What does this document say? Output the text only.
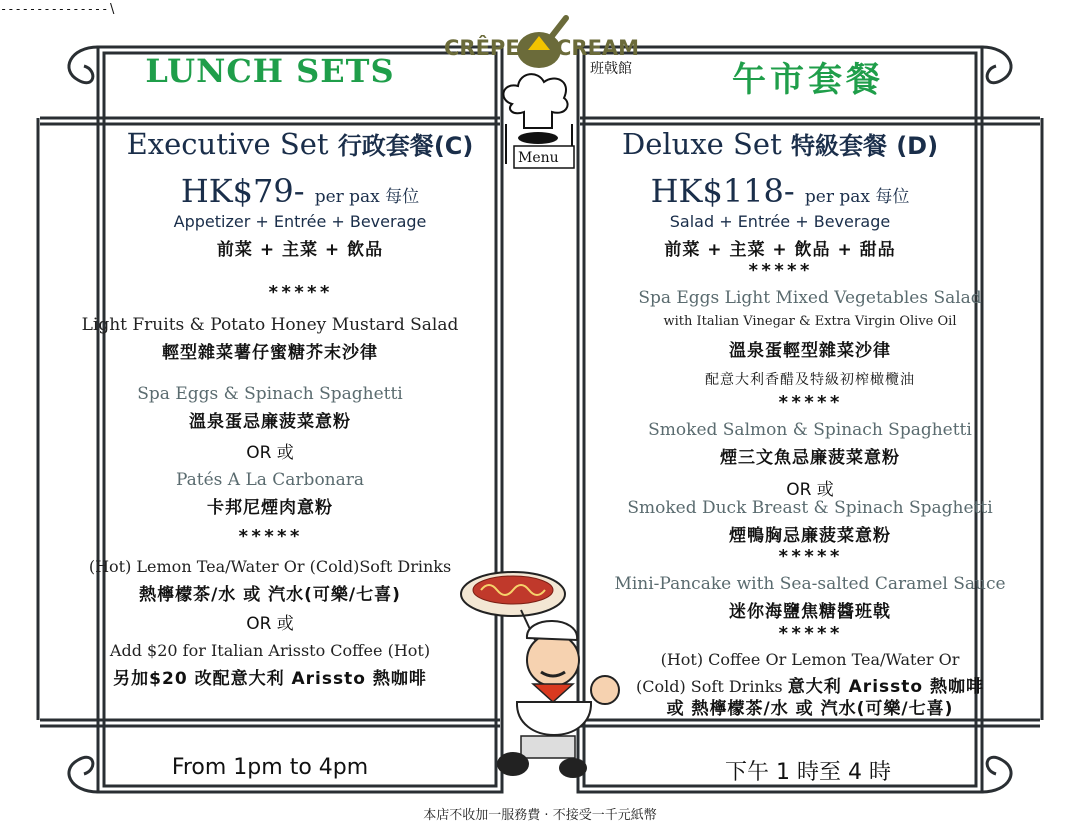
--------------- \
CRÊPE CREAM
班戟館
Menu
LUNCH SETS
Executive Set 行政套餐(C)
HK$79- per pax 每位
Appetizer + Entrée + Beverage
前菜 + 主菜 + 飲品
*****
Light Fruits & Potato Honey Mustard Salad
輕型雜菜薯仔蜜糖芥末沙律
Spa Eggs & Spinach Spaghetti
溫泉蛋忌廉菠菜意粉
OR 或
Patés A La Carbonara
卡邦尼煙肉意粉
*****
(Hot) Lemon Tea/Water Or (Cold)Soft Drinks
熱檸檬茶/水 或 汽水(可樂/七喜)
OR 或
Add $20 for Italian Arissto Coffee (Hot)
另加$20 改配意大利 Arissto 熱咖啡
From 1pm to 4pm
午市套餐
Deluxe Set 特級套餐 (D)
HK$118- per pax 每位
Salad + Entrée + Beverage
前菜 + 主菜 + 飲品 + 甜品
*****
Spa Eggs Light Mixed Vegetables Salad
with Italian Vinegar & Extra Virgin Olive Oil
溫泉蛋輕型雜菜沙律
配意大利香醋及特級初榨橄欖油
*****
Smoked Salmon & Spinach Spaghetti
煙三文魚忌廉菠菜意粉
OR 或
Smoked Duck Breast & Spinach Spaghetti
煙鴨胸忌廉菠菜意粉
*****
Mini-Pancake with Sea-salted Caramel Sauce
迷你海鹽焦糖醬班戟
*****
(Hot) Coffee Or Lemon Tea/Water Or
(Cold) Soft Drinks 意大利 Arissto 熱咖啡
或 熱檸檬茶/水 或 汽水(可樂/七喜)
下午 1 時至 4 時
本店不收加一服務費 · 不接受一千元紙幣
